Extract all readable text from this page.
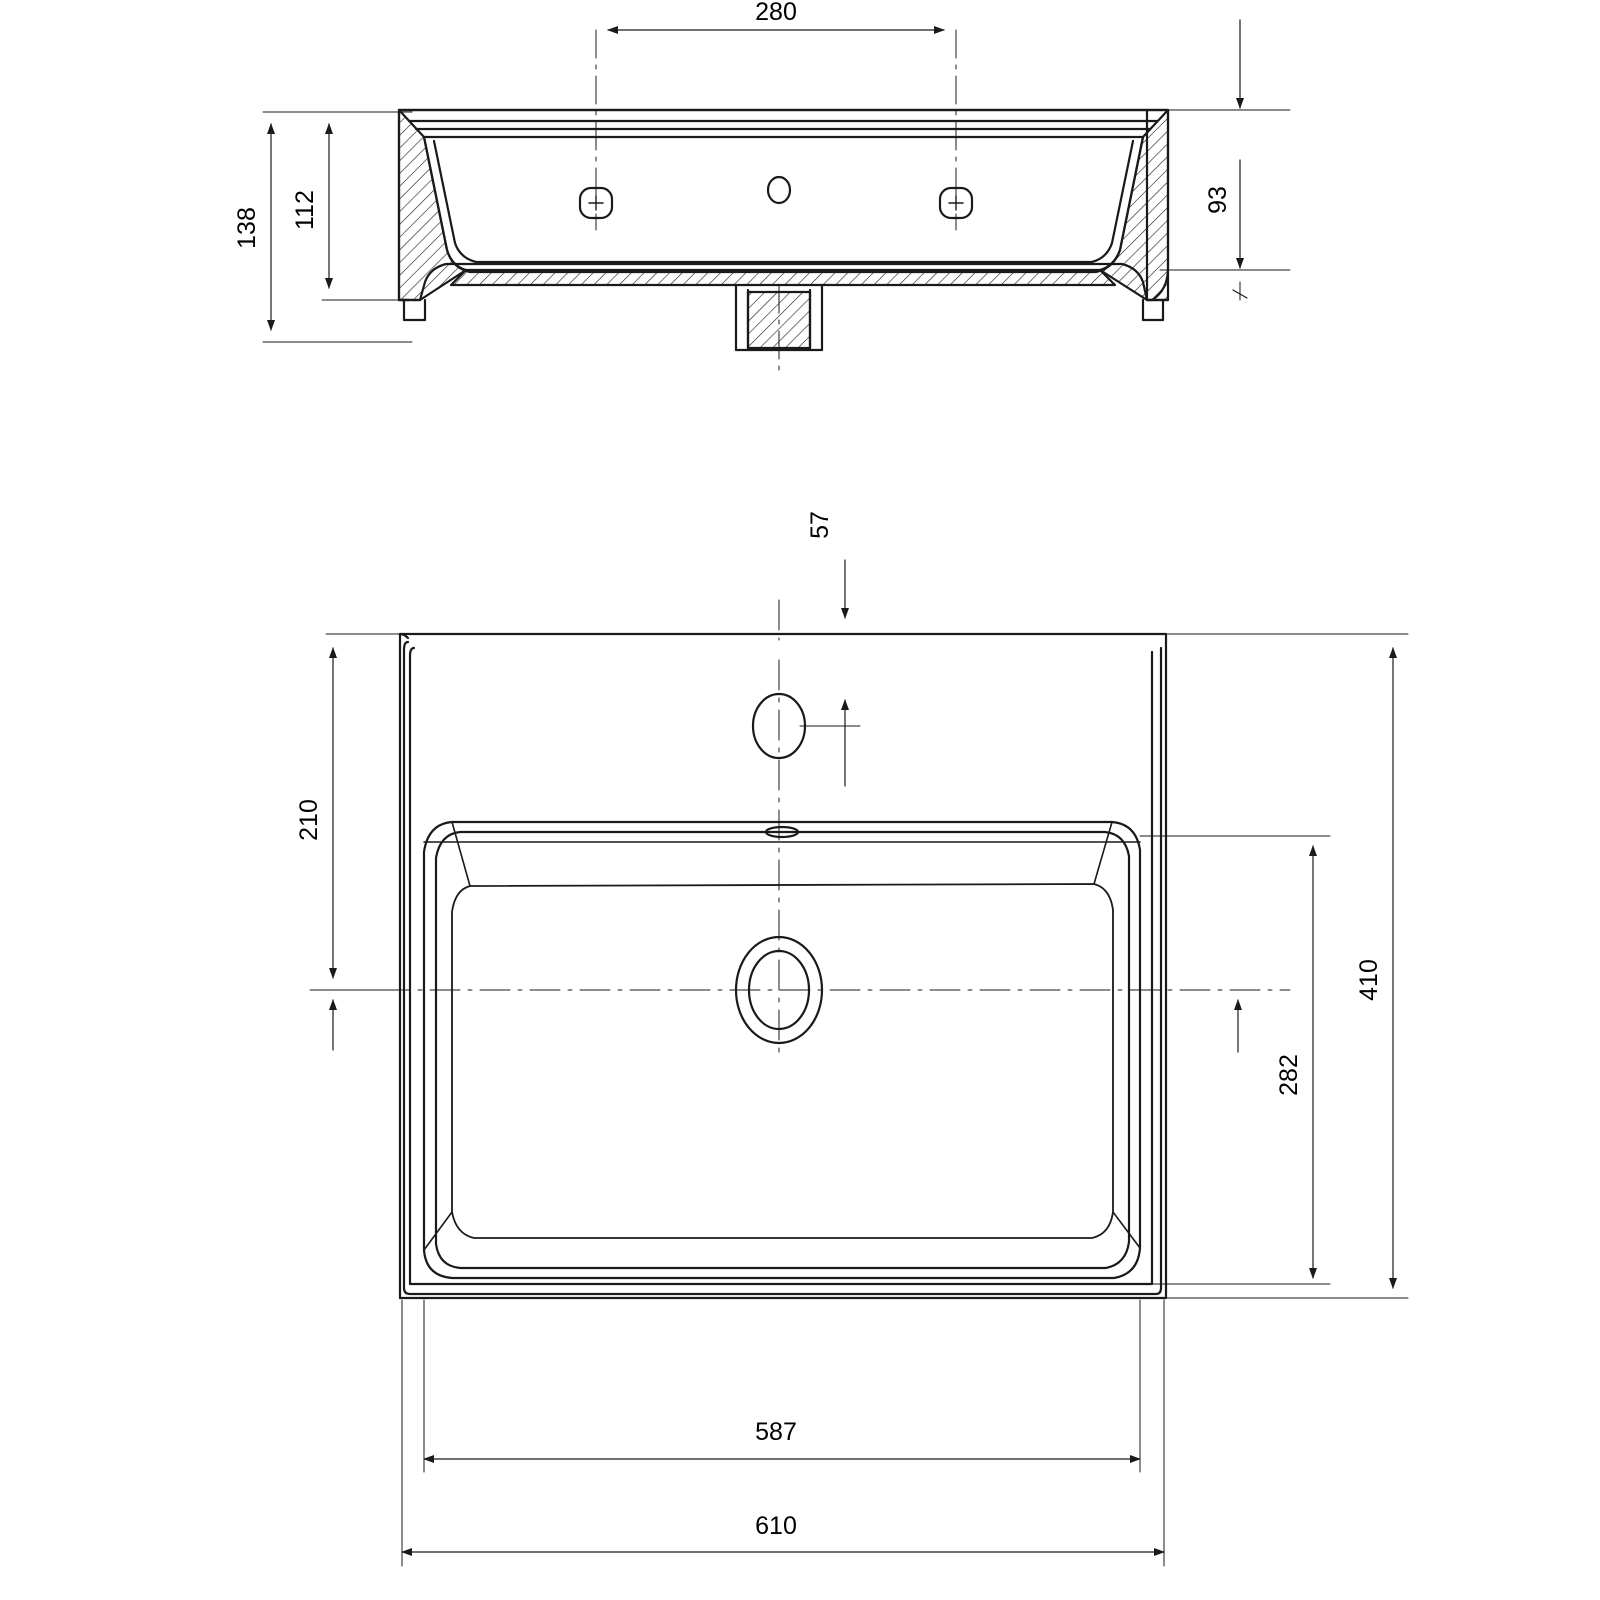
280
138 112	93
57
210
282
410
587
610
